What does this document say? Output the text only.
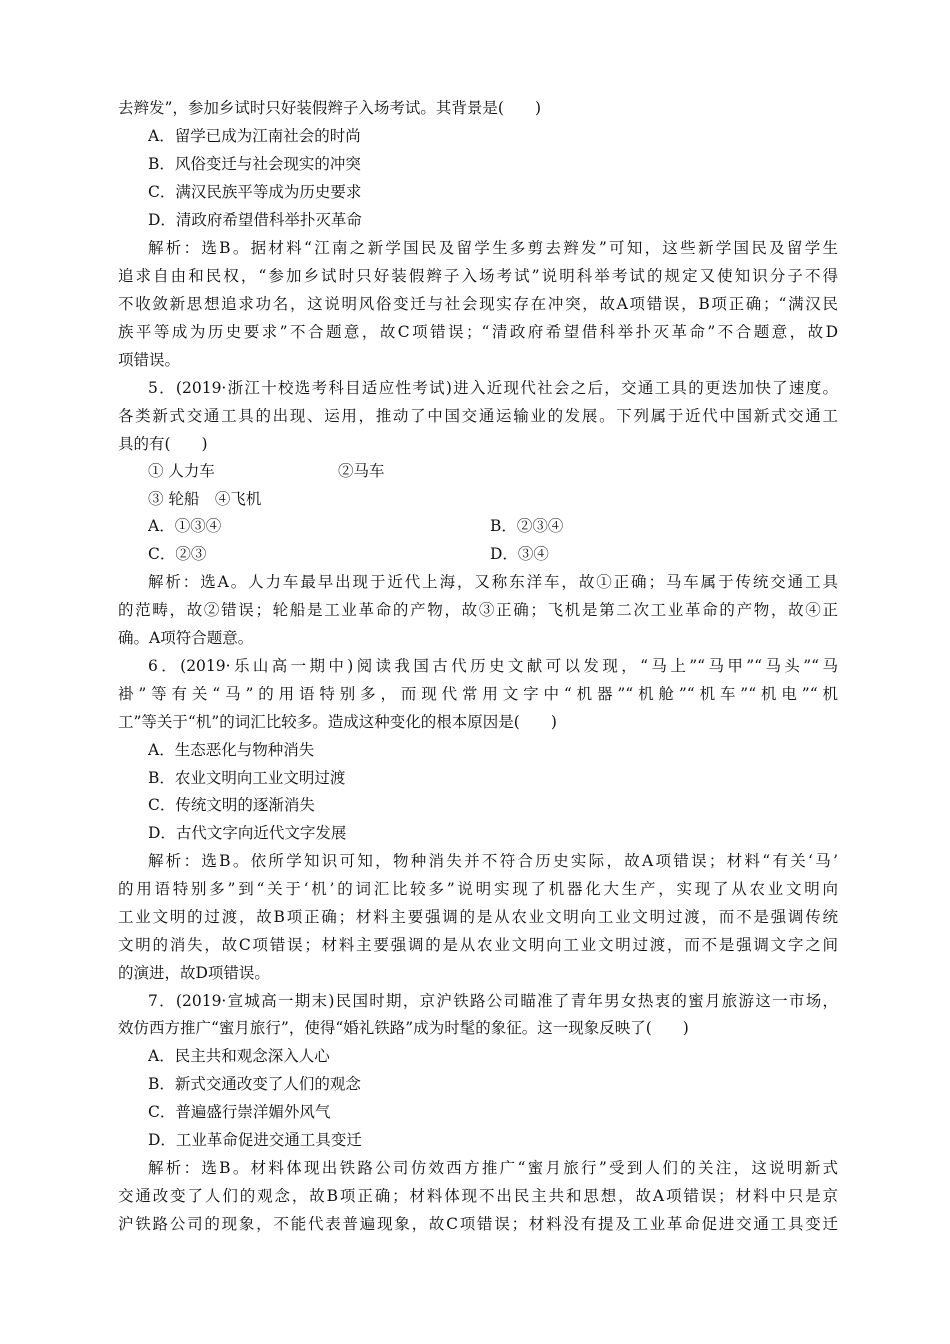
去辫发”，参加乡试时只好装假辫子入场考试。其背景是(　　)
A．留学已成为江南社会的时尚
B．风俗变迁与社会现实的冲突
C．满汉民族平等成为历史要求
D．清政府希望借科举扑灭革命
解析：选B。据材料“江南之新学国民及留学生多剪去辫发”可知，这些新学国民及留学生
追求自由和民权，“参加乡试时只好装假辫子入场考试”说明科举考试的规定又使知识分子不得
不收敛新思想追求功名，这说明风俗变迁与社会现实存在冲突，故A项错误，B项正确；“满汉民
族平等成为历史要求”不合题意，故C项错误；“清政府希望借科举扑灭革命”不合题意，故D
项错误。
5．(2019·浙江十校选考科目适应性考试)进入近现代社会之后，交通工具的更迭加快了速度。
各类新式交通工具的出现、运用，推动了中国交通运输业的发展。下列属于近代中国新式交通工
具的有(　　)
① 人力车	②马车
③ 轮船　④飞机
A．①③④	B．②③④
C．②③	D．③④
解析：选A。人力车最早出现于近代上海，又称东洋车，故①正确；马车属于传统交通工具
的范畴，故②错误；轮船是工业革命的产物，故③正确；飞机是第二次工业革命的产物，故④正
确。A项符合题意。
6．(2019·乐山高一期中)阅读我国古代历史文献可以发现，“马上”“马甲”“马头”“马
褂”等有关“马”的用语特别多，而现代常用文字中“机器”“机舱”“机车”“机电”“机
工”等关于“机”的词汇比较多。造成这种变化的根本原因是(　　)
A．生态恶化与物种消失
B．农业文明向工业文明过渡
C．传统文明的逐渐消失
D．古代文字向近代文字发展
解析：选B。依所学知识可知，物种消失并不符合历史实际，故A项错误；材料“有关‘马’
的用语特别多”到“关于‘机’的词汇比较多”说明实现了机器化大生产，实现了从农业文明向
工业文明的过渡，故B项正确；材料主要强调的是从农业文明向工业文明过渡，而不是强调传统
文明的消失，故C项错误；材料主要强调的是从农业文明向工业文明过渡，而不是强调文字之间
的演进，故D项错误。
7．(2019·宣城高一期末)民国时期，京沪铁路公司瞄准了青年男女热衷的蜜月旅游这一市场，
效仿西方推广“蜜月旅行”，使得“婚礼铁路”成为时髦的象征。这一现象反映了(　　)
A．民主共和观念深入人心
B．新式交通改变了人们的观念
C．普遍盛行崇洋媚外风气
D．工业革命促进交通工具变迁
解析：选B。材料体现出铁路公司仿效西方推广“蜜月旅行”受到人们的关注，这说明新式
交通改变了人们的观念，故B项正确；材料体现不出民主共和思想，故A项错误；材料中只是京
沪铁路公司的现象，不能代表普遍现象，故C项错误；材料没有提及工业革命促进交通工具变迁
